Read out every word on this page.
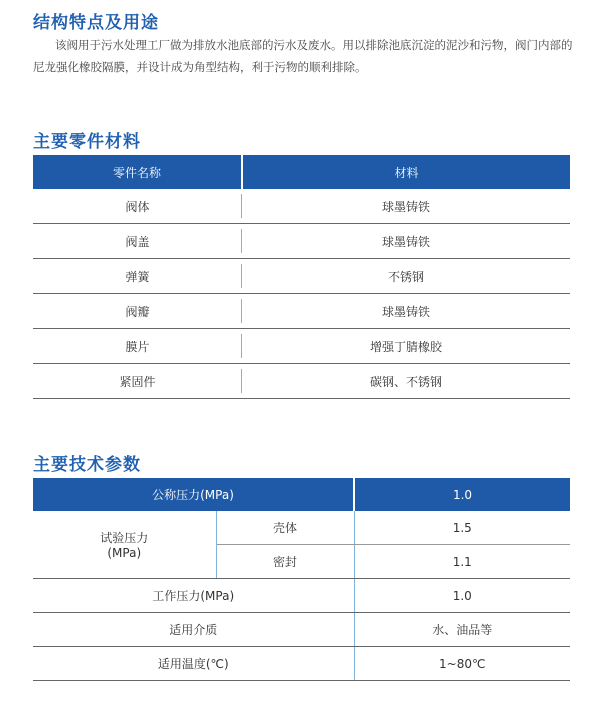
结构特点及用途

该阀用于污水处理工厂做为排放水池底部的污水及废水。用以排除池底沉淀的泥沙和污物，阀门内部的尼龙强化橡胶隔膜，并设计成为角型结构，利于污物的顺利排除。

主要零件材料
零件名称	材料
阀体	球墨铸铁
阀盖	球墨铸铁
弹簧	不锈钢
阀瓣	球墨铸铁
膜片	增强丁腈橡胶
紧固件	碳钢、不锈钢
主要技术参数
公称压力(MPa)		1.0
试验压力
(MPa)	壳体	1.5
	密封	1.1
工作压力(MPa)		1.0
适用介质		水、油品等
适用温度(℃)		1~80℃
